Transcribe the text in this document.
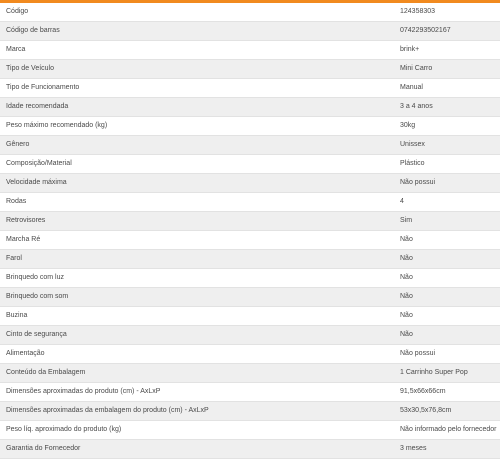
Código	124358303
Código de barras	0742293502167
Marca	brink+
Tipo de Veículo	Mini Carro
Tipo de Funcionamento	Manual
Idade recomendada	3 a 4 anos
Peso máximo recomendado (kg)	30kg
Gênero	Unissex
Composição/Material	Plástico
Velocidade máxima	Não possui
Rodas	4
Retrovisores	Sim
Marcha Ré	Não
Farol	Não
Brinquedo com luz	Não
Brinquedo com som	Não
Buzina	Não
Cinto de segurança	Não
Alimentação	Não possui
Conteúdo da Embalagem	1 Carrinho Super Pop
Dimensões aproximadas do produto (cm) - AxLxP	91,5x66x66cm
Dimensões aproximadas da embalagem do produto (cm) - AxLxP	53x30,5x76,8cm
Peso líq. aproximado do produto (kg)	Não informado pelo fornecedor
Garantia do Fornecedor	3 meses
